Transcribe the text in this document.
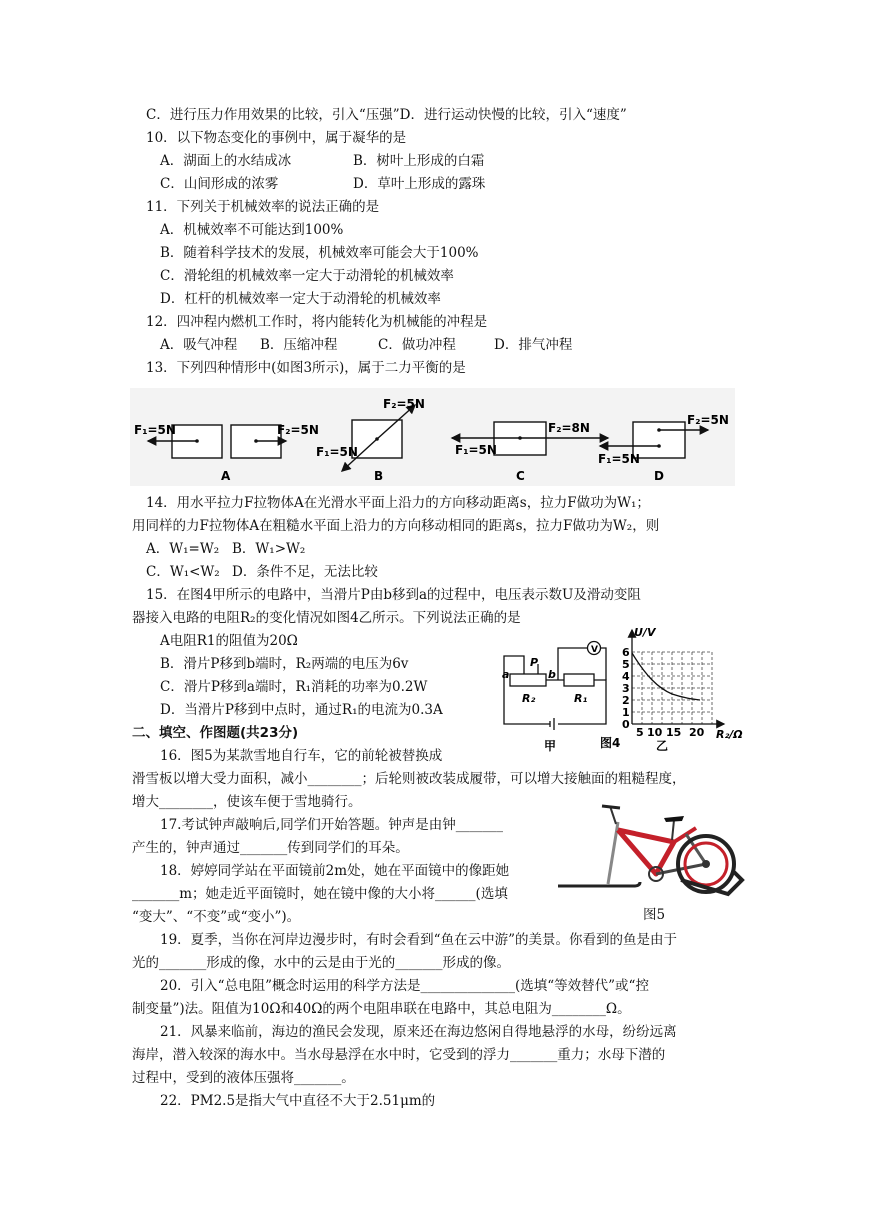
C．进行压力作用效果的比较，引入“压强”D．进行运动快慢的比较，引入“速度”
10．以下物态变化的事例中，属于凝华的是
A．湖面上的水结成冰	B．树叶上形成的白霜
C．山间形成的浓雾	D．草叶上形成的露珠
11．下列关于机械效率的说法正确的是
A．机械效率不可能达到100%
B．随着科学技术的发展，机械效率可能会大于100%
C．滑轮组的机械效率一定大于动滑轮的机械效率
D．杠杆的机械效率一定大于动滑轮的机械效率
12．四冲程内燃机工作时，将内能转化为机械能的冲程是
A．吸气冲程 B．压缩冲程	C．做功冲程	D．排气冲程
13．下列四种情形中(如图3所示)，属于二力平衡的是
F₁=5N	F₂=5N
A
F₂=5N
F₁=5N
B
F₁=5N
F₂=8N
C
F₂=5N
F₁=5N
D
14．用水平拉力F拉物体A在光滑水平面上沿力的方向移动距离s，拉力F做功为W₁；
用同样的力F拉物体A在粗糙水平面上沿力的方向移动相同的距离s，拉力F做功为W₂，则
A．W₁=W₂ B．W₁>W₂
C．W₁<W₂ D．条件不足，无法比较
15．在图4甲所示的电路中，当滑片P由b移到a的过程中，电压表示数U及滑动变阻
器接入电路的电阻R₂的变化情况如图4乙所示。下列说法正确的是
A电阻R1的阻值为20Ω
B．滑片P移到b端时，R₂两端的电压为6v
C．滑片P移到a端时，R₁消耗的功率为0.2W
D．当滑片P移到中点时，通过R₁的电流为0.3A
P
a	b
V
R₂	R₁
甲	图4
U/V
R₂/Ω
0
1
2
3
4
5
6
5 10 15 20
乙
二、填空、作图题(共23分)
16．图5为某款雪地自行车，它的前轮被替换成
滑雪板以增大受力面积，减小________；后轮则被改装成履带，可以增大接触面的粗糙程度，
增大________，使该车便于雪地骑行。
17.考试钟声敲响后,同学们开始答题。钟声是由钟_______
产生的，钟声通过_______传到同学们的耳朵。
18．婷婷同学站在平面镜前2m处，她在平面镜中的像距她
_______m；她走近平面镜时，她在镜中像的大小将______(选填
“变大”、“不变”或“变小”)。	图5
19．夏季，当你在河岸边漫步时，有时会看到“鱼在云中游”的美景。你看到的鱼是由于
光的_______形成的像，水中的云是由于光的_______形成的像。
20．引入“总电阻”概念时运用的科学方法是______________(选填“等效替代”或“控
制变量”)法。阻值为10Ω和40Ω的两个电阻串联在电路中，其总电阻为________Ω。
21．风暴来临前，海边的渔民会发现，原来还在海边悠闲自得地悬浮的水母，纷纷远离
海岸，潜入较深的海水中。当水母悬浮在水中时，它受到的浮力_______重力；水母下潜的
过程中，受到的液体压强将_______。
22．PM2.5是指大气中直径不大于2.51μm的
